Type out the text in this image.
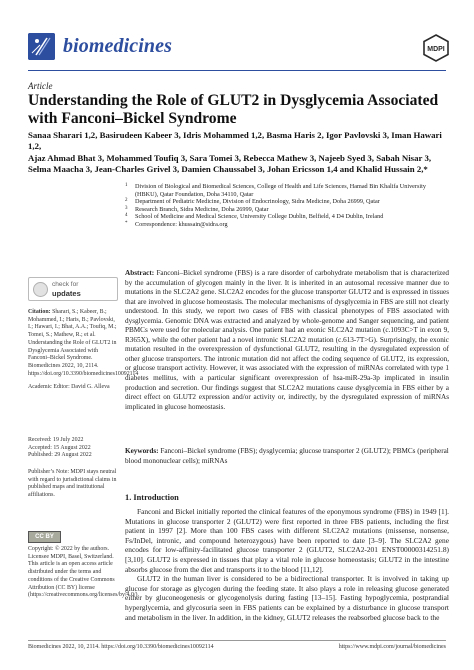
biomedicines	MDPI
Article
Understanding the Role of GLUT2 in Dysglycemia Associated with Fanconi–Bickel Syndrome
Sanaa Sharari 1,2, Basirudeen Kabeer 3, Idris Mohammed 1,2, Basma Haris 2, Igor Pavlovski 3, Iman Hawari 1,2,
Ajaz Ahmad Bhat 3, Mohammed Toufiq 3, Sara Tomei 3, Rebecca Mathew 3, Najeeb Syed 3, Sabah Nisar 3,
Selma Maacha 3, Jean-Charles Grivel 3, Damien Chaussabel 3, Johan Ericsson 1,4 and Khalid Hussain 2,*
1 Division of Biological and Biomedical Sciences, College of Health and Life Sciences, Hamad Bin Khalifa University (HBKU), Qatar Foundation, Doha 34110, Qatar
2 Department of Pediatric Medicine, Division of Endocrinology, Sidra Medicine, Doha 26999, Qatar
3 Research Branch, Sidra Medicine, Doha 26999, Qatar
4 School of Medicine and Medical Science, University College Dublin, Belfield, 4 D4 Dublin, Ireland
* Correspondence: khussain@sidra.org
Abstract: Fanconi–Bickel syndrome (FBS) is a rare disorder of carbohydrate metabolism that is characterized by the accumulation of glycogen mainly in the liver. It is inherited in an autosomal recessive manner due to mutations in the SLC2A2 gene. SLC2A2 encodes for the glucose transporter GLUT2 and is expressed in tissues that are involved in glucose homeostasis. The molecular mechanisms of dysglycemia in FBS are still not clearly understood. In this study, we report two cases of FBS with classical phenotypes of FBS associated with dysglycemia. Genomic DNA was extracted and analyzed by whole-genome and Sanger sequencing, and patient PBMCs were used for molecular analysis. One patient had an exonic SLC2A2 mutation (c.1093C>T in exon 9, R365X), while the other patient had a novel intronic SLC2A2 mutation (c.613-7T>G). Surprisingly, the exonic mutation resulted in the overexpression of dysfunctional GLUT2, resulting in the dysregulated expression of other glucose transporters. The intronic mutation did not affect the coding sequence of GLUT2, its expression, or glucose transport activity. However, it was associated with the expression of miRNAs correlated with type 1 diabetes mellitus, with a particular significant overexpression of hsa-miR-29a-3p implicated in insulin production and secretion. Our findings suggest that SLC2A2 mutations cause dysglycemia in FBS either by a direct effect on GLUT2 expression and/or activity or, indirectly, by the dysregulated expression of miRNAs implicated in glucose homeostasis.
Keywords: Fanconi–Bickel syndrome (FBS); dysglycemia; glucose transporter 2 (GLUT2); PBMCs (peripheral blood mononuclear cells); miRNAs
check for
updates
Citation: Sharari, S.; Kabeer, B.; Mohammed, I.; Haris, B.; Pavlovski, I.; Hawari, I.; Bhat, A.A.; Toufiq, M.; Tomei, S.; Mathew, R.; et al. Understanding the Role of GLUT2 in Dysglycemia Associated with Fanconi–Bickel Syndrome. Biomedicines 2022, 10, 2114. https://doi.org/10.3390/biomedicines10092114
Academic Editor: David G. Alleva
Received: 19 July 2022
Accepted: 15 August 2022
Published: 29 August 2022
Publisher’s Note: MDPI stays neutral with regard to jurisdictional claims in published maps and institutional affiliations.
CC BY
Copyright: © 2022 by the authors. Licensee MDPI, Basel, Switzerland. This article is an open access article distributed under the terms and conditions of the Creative Commons Attribution (CC BY) license (https://creativecommons.org/licenses/by/4.0/).
1. Introduction

Fanconi and Bickel initially reported the clinical features of the eponymous syndrome (FBS) in 1949 [1]. Mutations in glucose transporter 2 (GLUT2) were first reported in three FBS patients, including the first patient in 1997 [2]. More than 100 FBS cases with different SLC2A2 mutations (missense, nonsense, Fs/InDel, intronic, and compound heterozygous) have been reported to date [3–9]. The SLC2A2 gene encodes for low-affinity-facilitated glucose transporter 2 (GLUT2, SLC2A2-201 ENST00000314251.8) [3,10]. GLUT2 is expressed in tissues that play a vital role in glucose homeostasis; GLUT2 in the intestine absorbs glucose from the diet and transports it to the blood [11,12].

GLUT2 in the human liver is considered to be a bidirectional transporter. It is involved in taking up glucose for storage as glycogen during the feeding state. It also plays a role in releasing glucose generated either by gluconeogenesis or glycogenolysis during fasting [13–15]. Fasting hypoglycemia, postprandial hyperglycemia, and glycosuria seen in FBS patients can be explained by a disturbance in glucose transport and metabolism in the liver. In addition, in the kidney, GLUT2 releases the reabsorbed glucose back to the

Biomedicines 2022, 10, 2114. https://doi.org/10.3390/biomedicines10092114	https://www.mdpi.com/journal/biomedicines
